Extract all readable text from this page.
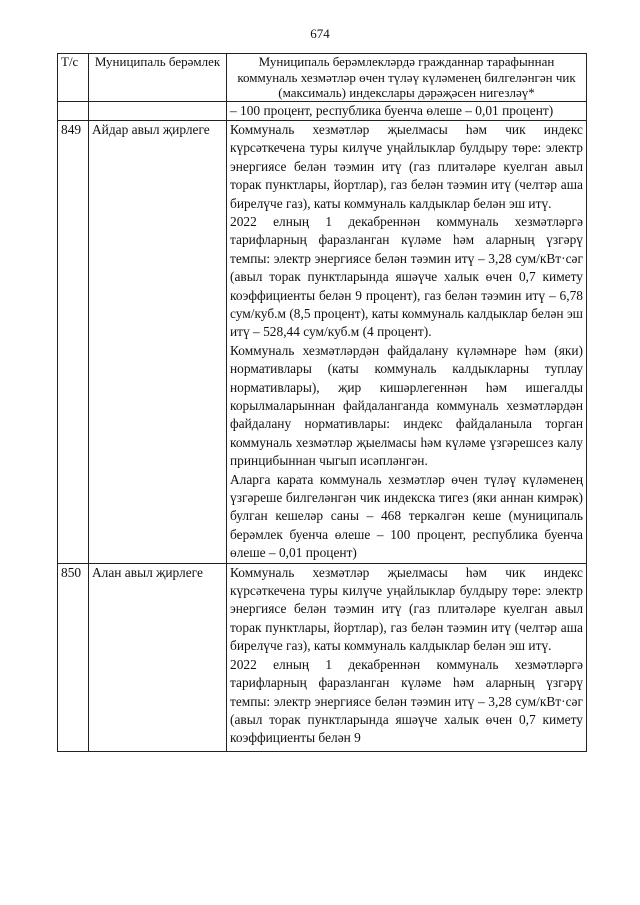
674
Т/с	Муниципаль берәмлек	Муниципаль берәмлекләрдә гражданнар тарафыннан коммуналь хезмәтләр өчен түләү күләменең билгеләнгән чик (максималь) индекслары дәрәҗәсен нигезләү*

		– 100 процент, республика буенча өлеше – 0,01 процент)

849	Айдар авыл җирлеге	Коммуналь хезмәтләр җыелмасы һәм чик индекс күрсәткечена туры килүче уңайлыклар булдыру төре: электр энергиясе белән тәэмин итү (газ плитәләре куелган авыл торак пунктлары, йортлар), газ белән тәэмин итү (челтәр аша бирелүче газ), каты коммуналь калдыклар белән эш итү.

2022 елның 1 декабреннән коммуналь хезмәтләргә тарифларның фаразланган күләме һәм аларның үзгәрү темпы: электр энергиясе белән тәэмин итү – 3,28 сум/кВт·сәг (авыл торак пунктларында яшәүче халык өчен 0,7 кимету коэффициенты белән 9 процент), газ белән тәэмин итү – 6,78 сум/куб.м (8,5 процент), каты коммуналь калдыклар белән эш итү – 528,44 сум/куб.м (4 процент).

Коммуналь хезмәтләрдән файдалану күләмнәре һәм (яки) нормативлары (каты коммуналь калдыкларны туплау нормативлары), җир кишәрлегеннән һәм ишегалды корылмаларыннан файдаланганда коммуналь хезмәтләрдән файдалану нормативлары: индекс файдаланыла торган коммуналь хезмәтләр җыелмасы һәм күләме үзгәрешсез калу принцибыннан чыгып исәпләнгән.

Аларга карата коммуналь хезмәтләр өчен түләү күләменең үзгәреше билгеләнгән чик индекска тигез (яки аннан кимрәк) булган кешеләр саны – 468 теркәлгән кеше (муниципаль берәмлек буенча өлеше – 100 процент, республика буенча өлеше – 0,01 процент)

850	Алан авыл җирлеге	Коммуналь хезмәтләр җыелмасы һәм чик индекс күрсәткечена туры килүче уңайлыклар булдыру төре: электр энергиясе белән тәэмин итү (газ плитәләре куелган авыл торак пунктлары, йортлар), газ белән тәэмин итү (челтәр аша бирелүче газ), каты коммуналь калдыклар белән эш итү.

2022 елның 1 декабреннән коммуналь хезмәтләргә тарифларның фаразланган күләме һәм аларның үзгәрү темпы: электр энергиясе белән тәэмин итү – 3,28 сум/кВт·сәг (авыл торак пунктларында яшәүче халык өчен 0,7 кимету коэффициенты белән 9
